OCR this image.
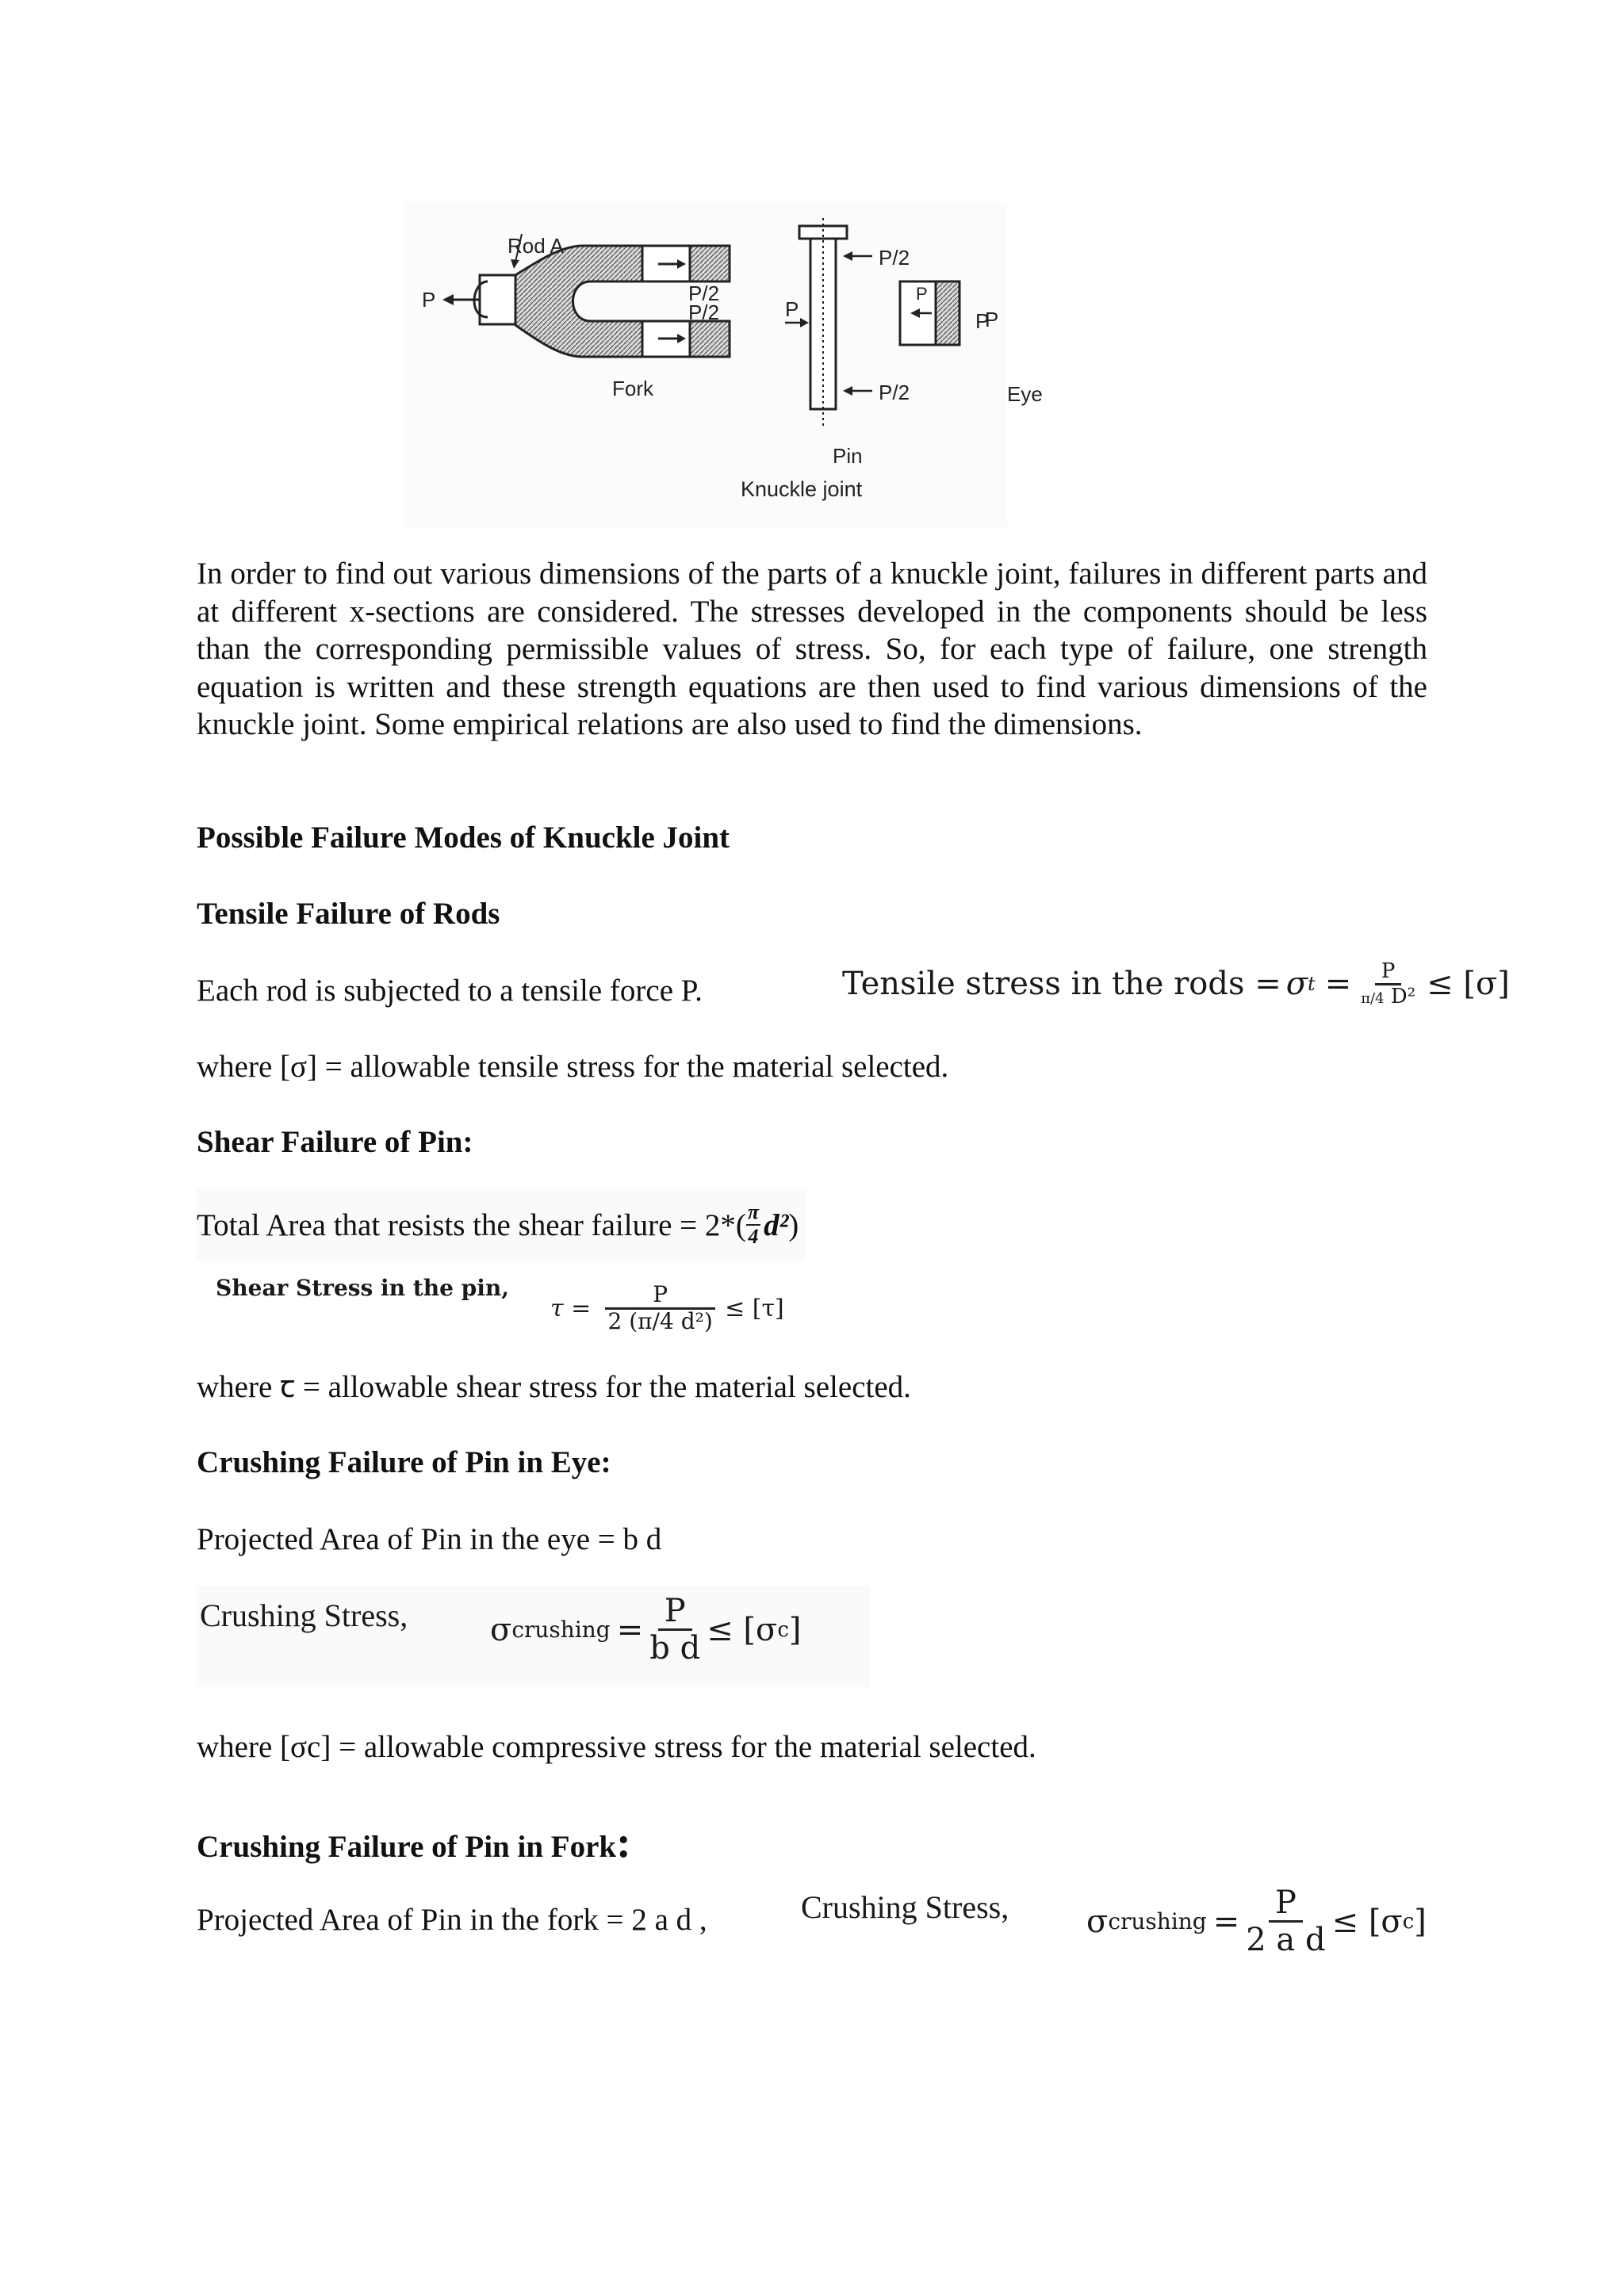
Rod A
P	P/2
P/2
Fork
P
P/2
P/2
Pin
P
P
P
Eye
Knuckle joint

In order to find out various dimensions of the parts of a knuckle joint, failures in different parts and at different x-sections are considered. The stresses developed in the components should be less than the corresponding permissible values of stress. So, for each type of failure, one strength equation is written and these strength equations are then used to find various dimensions of the knuckle joint. Some empirical relations are also used to find the dimensions.

Possible Failure Modes of Knuckle Joint
Tensile Failure of Rods
Each rod is subjected to a tensile force P.	Tensile stress in the rods = σ $t = \frac{P}{\text{π/4 D²}} \le [\sigma]$
where [σ] = allowable tensile stress for the material selected.
Shear Failure of Pin:
Total Area that resists the shear failure = $2*( \frac{\pi}{4} d^2$ )
Shear Stress in the pin,
$\tau = \frac{P}{\text{2 (π/4 d²)}} \le [\tau]$
where ꞇ = allowable shear stress for the material selected.
Crushing Failure of Pin in Eye:
Projected Area of Pin in the eye = b d
Crushing Stress,	σ crushing = $\frac{P}{\text{b d}} \le [\sigma$ c ]
where [σc] = allowable compressive stress for the material selected.
Crushing Failure of Pin in Fork:
Projected Area of Pin in the fork = 2 a d ,	Crushing Stress, σ crushing = $\frac{P}{\text{2 a d}} \le [\sigma$ c ]
